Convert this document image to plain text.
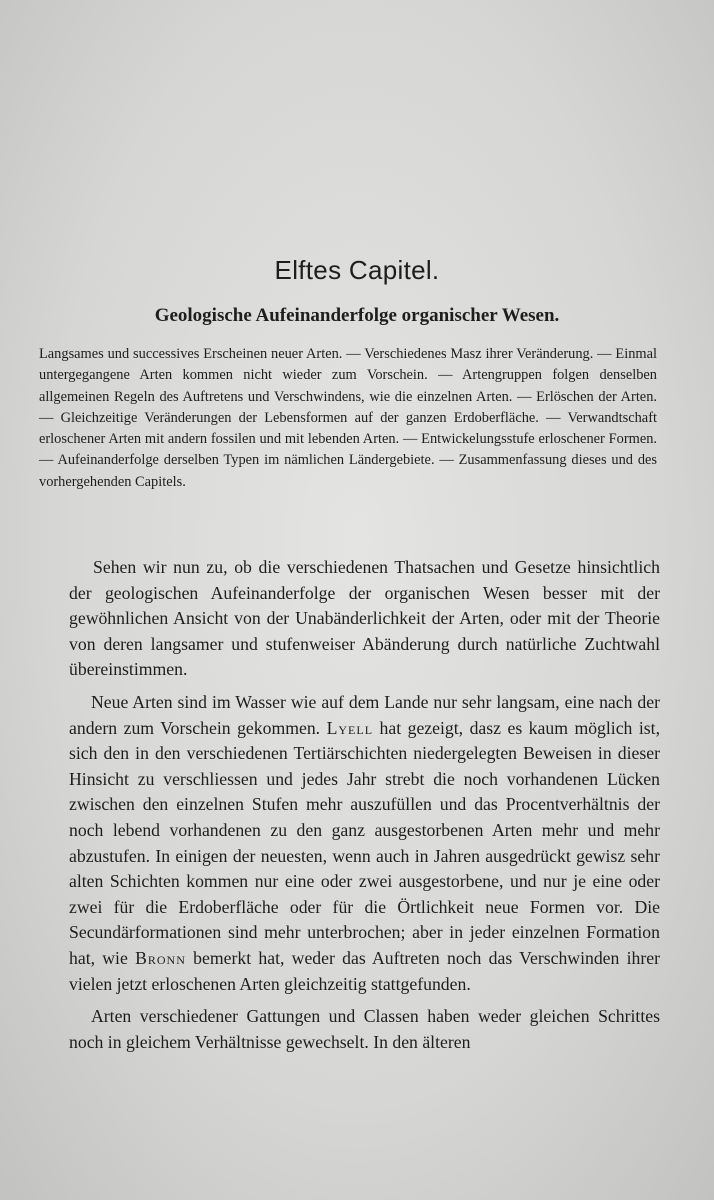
Elftes Capitel.
Geologische Aufeinanderfolge organischer Wesen.

Langsames und successives Erscheinen neuer Arten. — Verschiedenes Masz ihrer Veränderung. — Einmal untergegangene Arten kommen nicht wieder zum Vorschein. — Artengruppen folgen denselben allgemeinen Regeln des Auftretens und Verschwindens, wie die einzelnen Arten. — Erlöschen der Arten. — Gleichzeitige Veränderungen der Lebensformen auf der ganzen Erdoberfläche. — Verwandtschaft erloschener Arten mit andern fossilen und mit lebenden Arten. — Entwickelungsstufe erloschener Formen. — Aufeinanderfolge derselben Typen im nämlichen Ländergebiete. — Zusammenfassung dieses und des vorhergehenden Capitels.

Sehen wir nun zu, ob die verschiedenen Thatsachen und Gesetze hinsichtlich der geologischen Aufeinanderfolge der organischen Wesen besser mit der gewöhnlichen Ansicht von der Unabänderlichkeit der Arten, oder mit der Theorie von deren langsamer und stufenweiser Abänderung durch natürliche Zuchtwahl übereinstimmen.

Neue Arten sind im Wasser wie auf dem Lande nur sehr langsam, eine nach der andern zum Vorschein gekommen. Lyell hat gezeigt, dasz es kaum möglich ist, sich den in den verschiedenen Tertiärschichten niedergelegten Beweisen in dieser Hinsicht zu verschliessen und jedes Jahr strebt die noch vorhandenen Lücken zwischen den einzelnen Stufen mehr auszufüllen und das Procentverhältnis der noch lebend vorhandenen zu den ganz ausgestorbenen Arten mehr und mehr abzustufen. In einigen der neuesten, wenn auch in Jahren ausgedrückt gewisz sehr alten Schichten kommen nur eine oder zwei ausgestorbene, und nur je eine oder zwei für die Erdoberfläche oder für die Örtlichkeit neue Formen vor. Die Secundärformationen sind mehr unterbrochen; aber in jeder einzelnen Formation hat, wie Bronn bemerkt hat, weder das Auftreten noch das Verschwinden ihrer vielen jetzt erloschenen Arten gleichzeitig stattgefunden.

Arten verschiedener Gattungen und Classen haben weder gleichen Schrittes noch in gleichem Verhältnisse gewechselt. In den älteren
